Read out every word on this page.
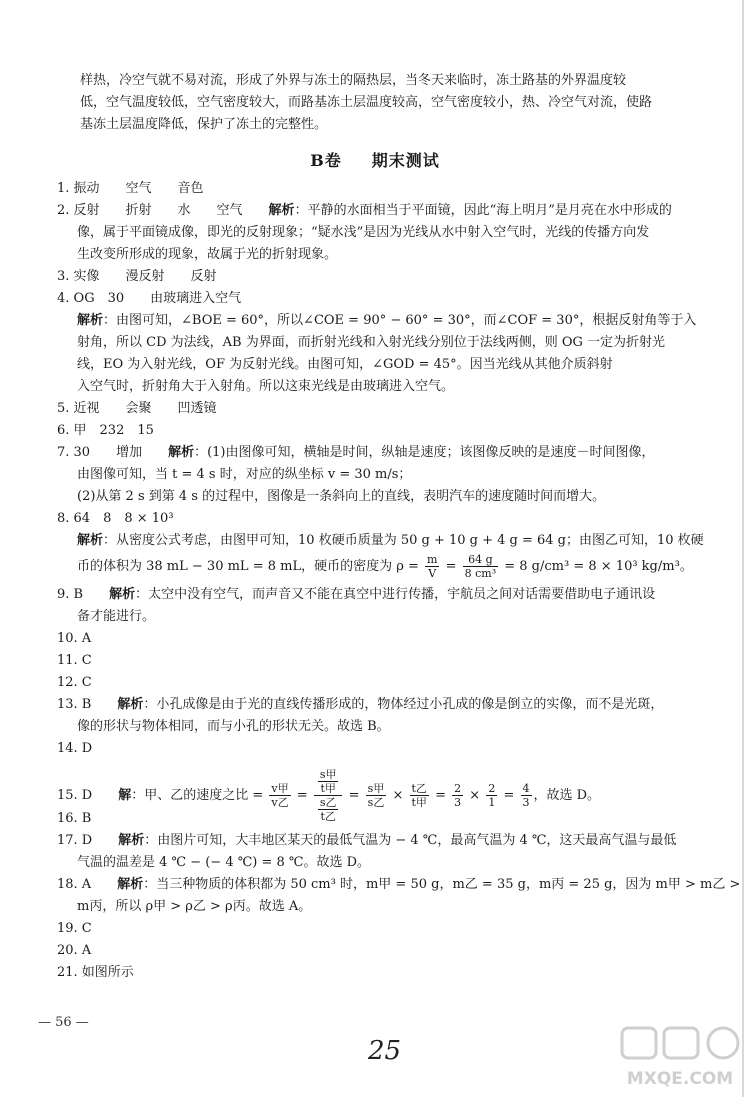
样热，冷空气就不易对流，形成了外界与冻土的隔热层，当冬天来临时，冻土路基的外界温度较
低，空气温度较低，空气密度较大，而路基冻土层温度较高，空气密度较小，热、冷空气对流，使路
基冻土层温度降低，保护了冻土的完整性。
B卷 期末测试
1. 振动　　空气　　音色
2. 反射　　折射　　水　　空气　　解析：平静的水面相当于平面镜，因此“海上明月”是月亮在水中形成的
像，属于平面镜成像，即光的反射现象；“疑水浅”是因为光线从水中射入空气时，光线的传播方向发
生改变所形成的现象，故属于光的折射现象。
3. 实像　　漫反射　　反射
4. OG　30　　由玻璃进入空气
解析：由图可知，∠BOE = 60°，所以∠COE = 90° − 60° = 30°，而∠COF = 30°，根据反射角等于入
射角，所以 CD 为法线，AB 为界面，而折射光线和入射光线分别位于法线两侧，则 OG 一定为折射光
线，EO 为入射光线，OF 为反射光线。由图可知，∠GOD = 45°。因当光线从其他介质斜射
入空气时，折射角大于入射角。所以这束光线是由玻璃进入空气。
5. 近视　　会聚　　凹透镜
6. 甲　232　15
7. 30　　增加　　解析：(1)由图像可知，横轴是时间，纵轴是速度；该图像反映的是速度－时间图像，
由图像可知，当 t = 4 s 时，对应的纵坐标 v = 30 m/s；
(2)从第 2 s 到第 4 s 的过程中，图像是一条斜向上的直线，表明汽车的速度随时间而增大。
8. 64　8　8 × 10³
解析：从密度公式考虑，由图甲可知，10 枚硬币质量为 50 g + 10 g + 4 g = 64 g；由图乙可知，10 枚硬
币的体积为 38 mL − 30 mL = 8 mL，硬币的密度为 $\rho = \frac{m}{V} = \frac{64 g}{\text{8 cm³}} = 8$ g/cm³ = 8 × 10³ kg/m³。
9. B　　解析：太空中没有空气，而声音又不能在真空中进行传播，宇航员之间对话需要借助电子通讯设
备才能进行。
10. A
11. C
12. C
13. B　　解析：小孔成像是由于光的直线传播形成的，物体经过小孔成的像是倒立的实像，而不是光斑，
像的形状与物体相同，而与小孔的形状无关。故选 B。
14. D
15. D　　解：甲、乙的速度之比 = $\frac{\text{v甲}}{\text{v乙}} = \frac{\frac{\text{s甲}}{\text{t甲}}}{\frac{\text{s乙}}{\text{t乙}}} = \frac{\text{s甲}}{\text{s乙}} \times \frac{\text{t乙}}{\text{t甲}} = \frac{2}{3} \times \frac{2}{1} = \frac{4}{3}$ ，故选 D。
16. B
17. D　　解析：由图片可知，大丰地区某天的最低气温为 − 4 ℃，最高气温为 4 ℃，这天最高气温与最低
气温的温差是 4 ℃ − (− 4 ℃) = 8 ℃。故选 D。
18. A　　解析：当三种物质的体积都为 50 cm³ 时，m甲 = 50 g，m乙 = 35 g，m丙 = 25 g，因为 m甲 > m乙 >
m丙，所以 ρ甲 > ρ乙 > ρ丙。故选 A。
19. C
20. A
21. 如图所示
— 56 —
25
MXQE.COM
